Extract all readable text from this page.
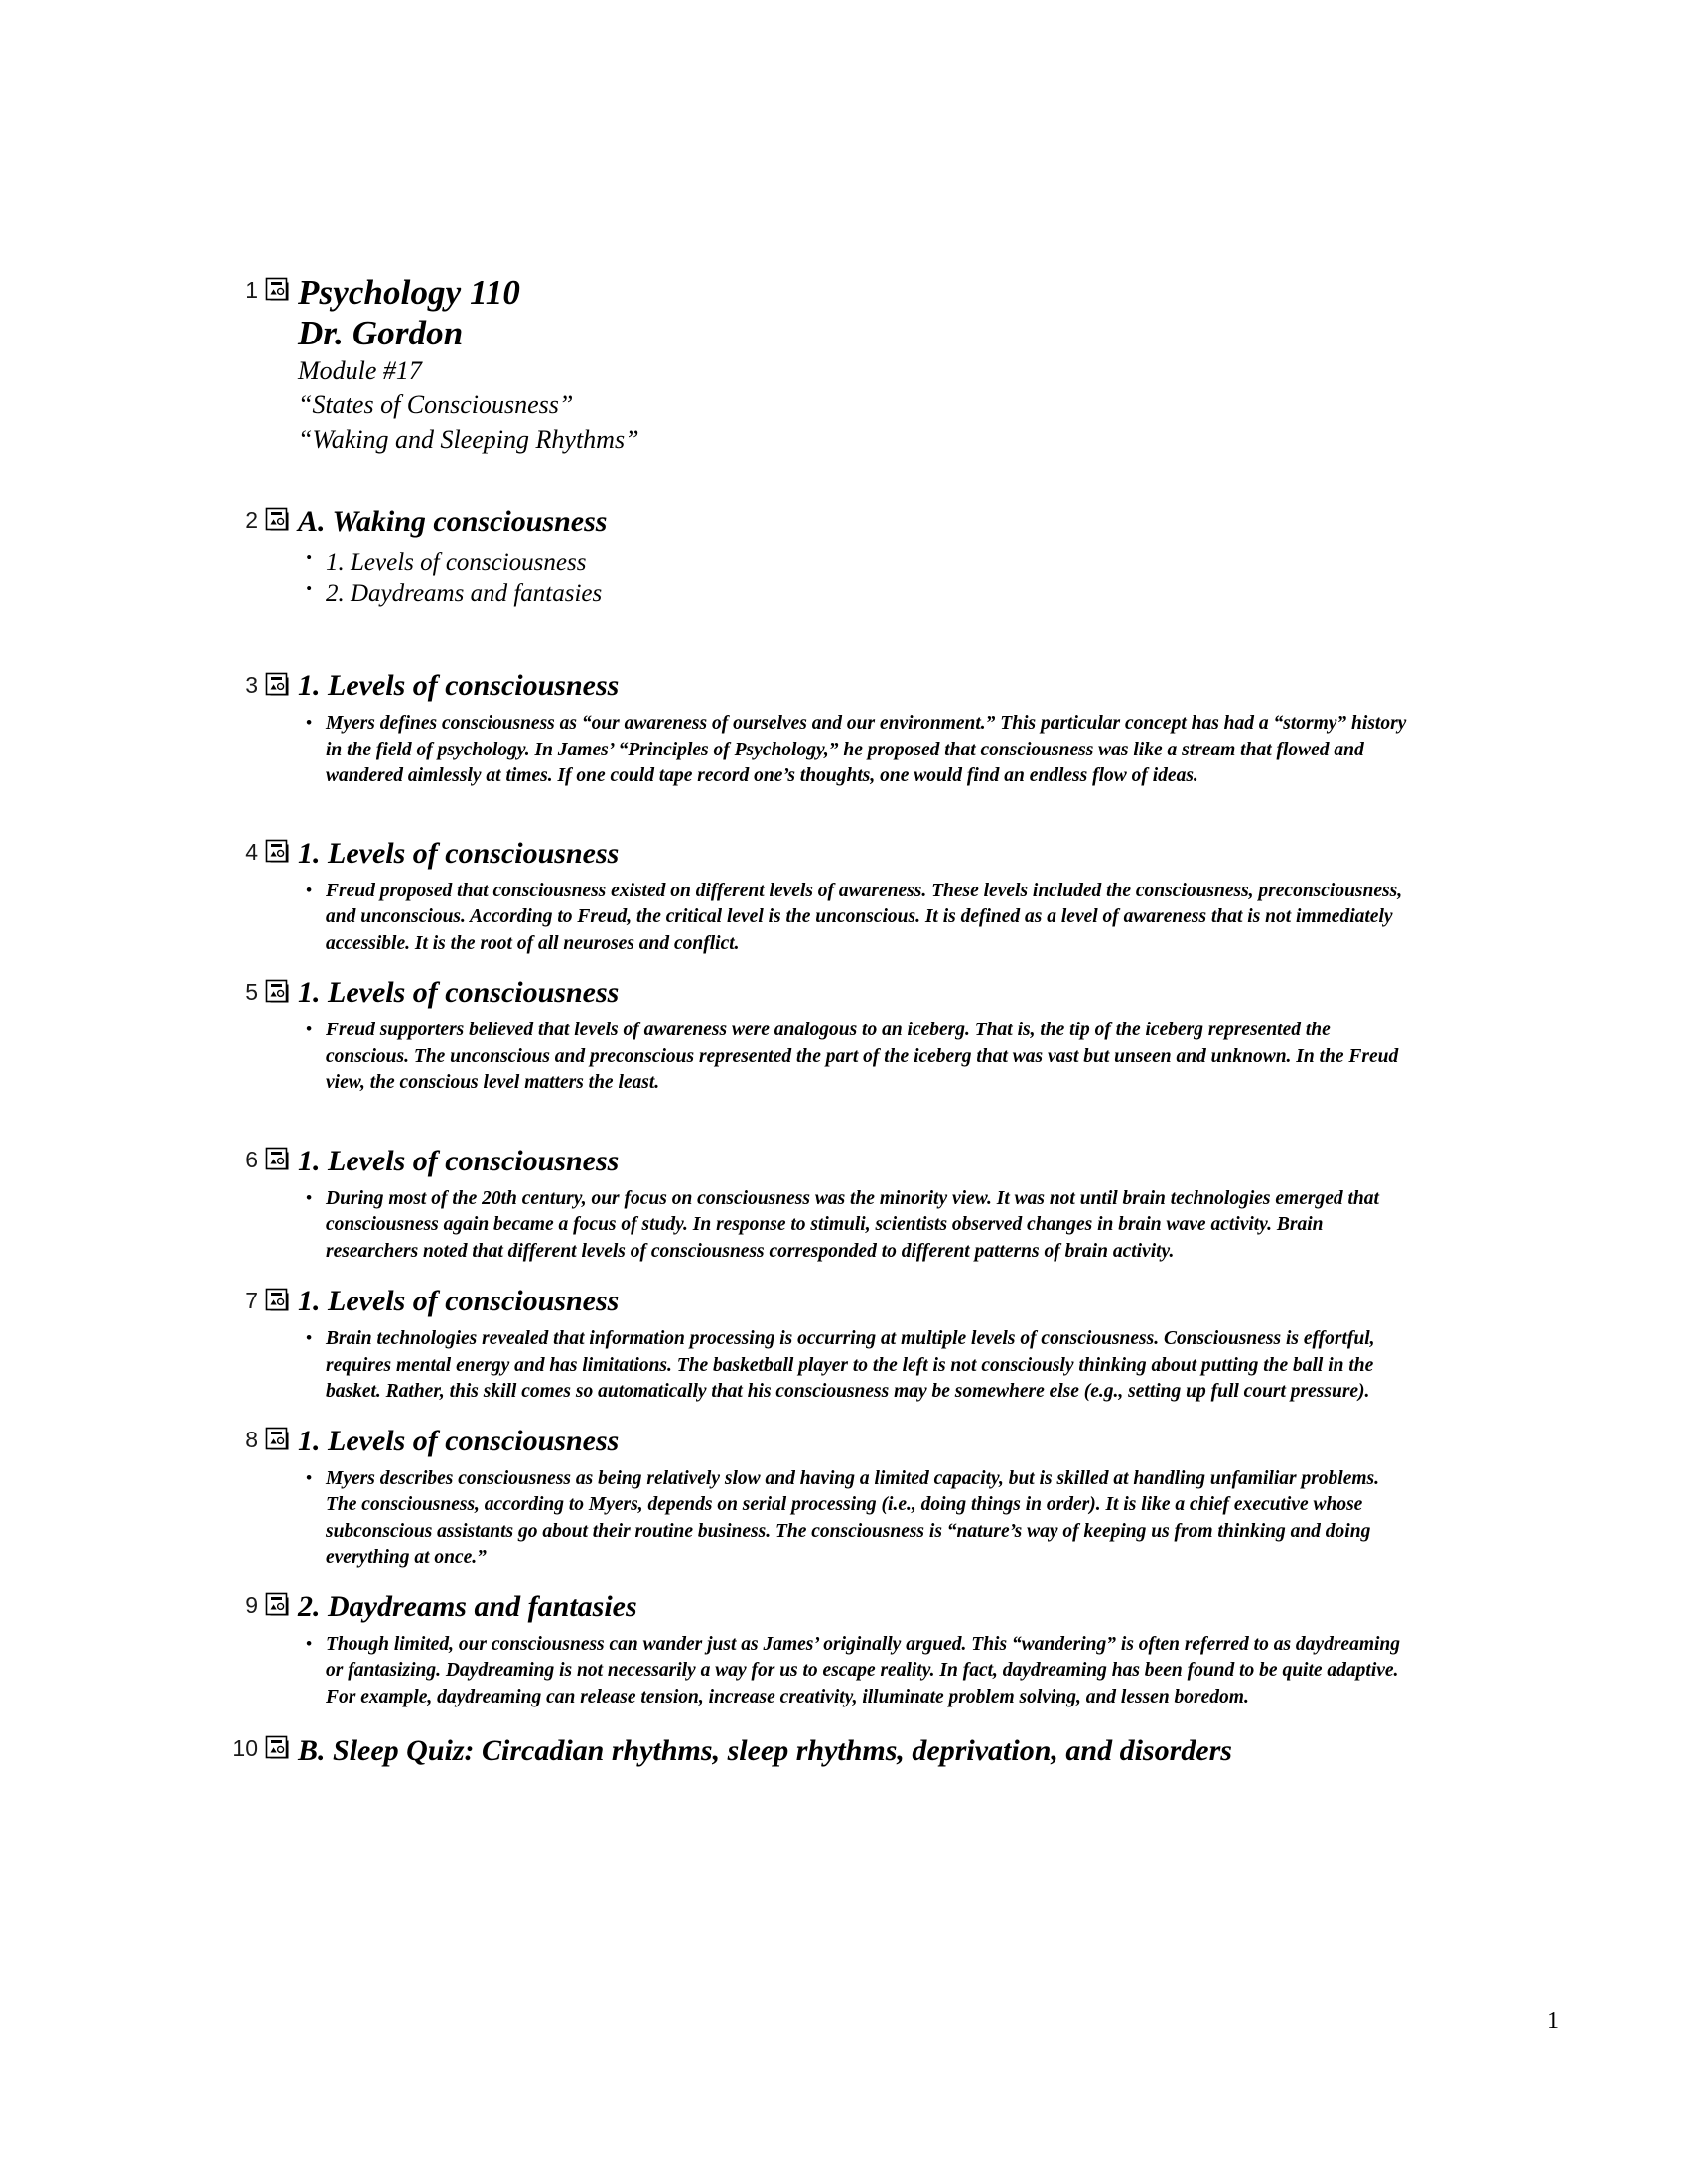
1 Psychology 110
Dr. Gordon
Module #17
“States of Consciousness”
“Waking and Sleeping Rhythms”
2 A. Waking consciousness
• 1. Levels of consciousness
• 2. Daydreams and fantasies
3 1. Levels of consciousness
• Myers defines consciousness as “our awareness of ourselves and our environment.” This particular concept has had a “stormy” history in the field of psychology. In James’ “Principles of Psychology,” he proposed that consciousness was like a stream that flowed and wandered aimlessly at times. If one could tape record one’s thoughts, one would find an endless flow of ideas.
4 1. Levels of consciousness
• Freud proposed that consciousness existed on different levels of awareness. These levels included the consciousness, preconsciousness, and unconscious. According to Freud, the critical level is the unconscious. It is defined as a level of awareness that is not immediately accessible. It is the root of all neuroses and conflict.
5 1. Levels of consciousness
• Freud supporters believed that levels of awareness were analogous to an iceberg. That is, the tip of the iceberg represented the conscious. The unconscious and preconscious represented the part of the iceberg that was vast but unseen and unknown. In the Freud view, the conscious level matters the least.
6 1. Levels of consciousness
• During most of the 20th century, our focus on consciousness was the minority view. It was not until brain technologies emerged that consciousness again became a focus of study. In response to stimuli, scientists observed changes in brain wave activity. Brain researchers noted that different levels of consciousness corresponded to different patterns of brain activity.
7 1. Levels of consciousness
• Brain technologies revealed that information processing is occurring at multiple levels of consciousness. Consciousness is effortful, requires mental energy and has limitations. The basketball player to the left is not consciously thinking about putting the ball in the basket. Rather, this skill comes so automatically that his consciousness may be somewhere else (e.g., setting up full court pressure).
8 1. Levels of consciousness
• Myers describes consciousness as being relatively slow and having a limited capacity, but is skilled at handling unfamiliar problems. The consciousness, according to Myers, depends on serial processing (i.e., doing things in order). It is like a chief executive whose subconscious assistants go about their routine business. The consciousness is “nature’s way of keeping us from thinking and doing everything at once.”
9 2. Daydreams and fantasies
• Though limited, our consciousness can wander just as James’ originally argued. This “wandering” is often referred to as daydreaming or fantasizing. Daydreaming is not necessarily a way for us to escape reality. In fact, daydreaming has been found to be quite adaptive. For example, daydreaming can release tension, increase creativity, illuminate problem solving, and lessen boredom.
10 B. Sleep Quiz: Circadian rhythms, sleep rhythms, deprivation, and disorders
1
